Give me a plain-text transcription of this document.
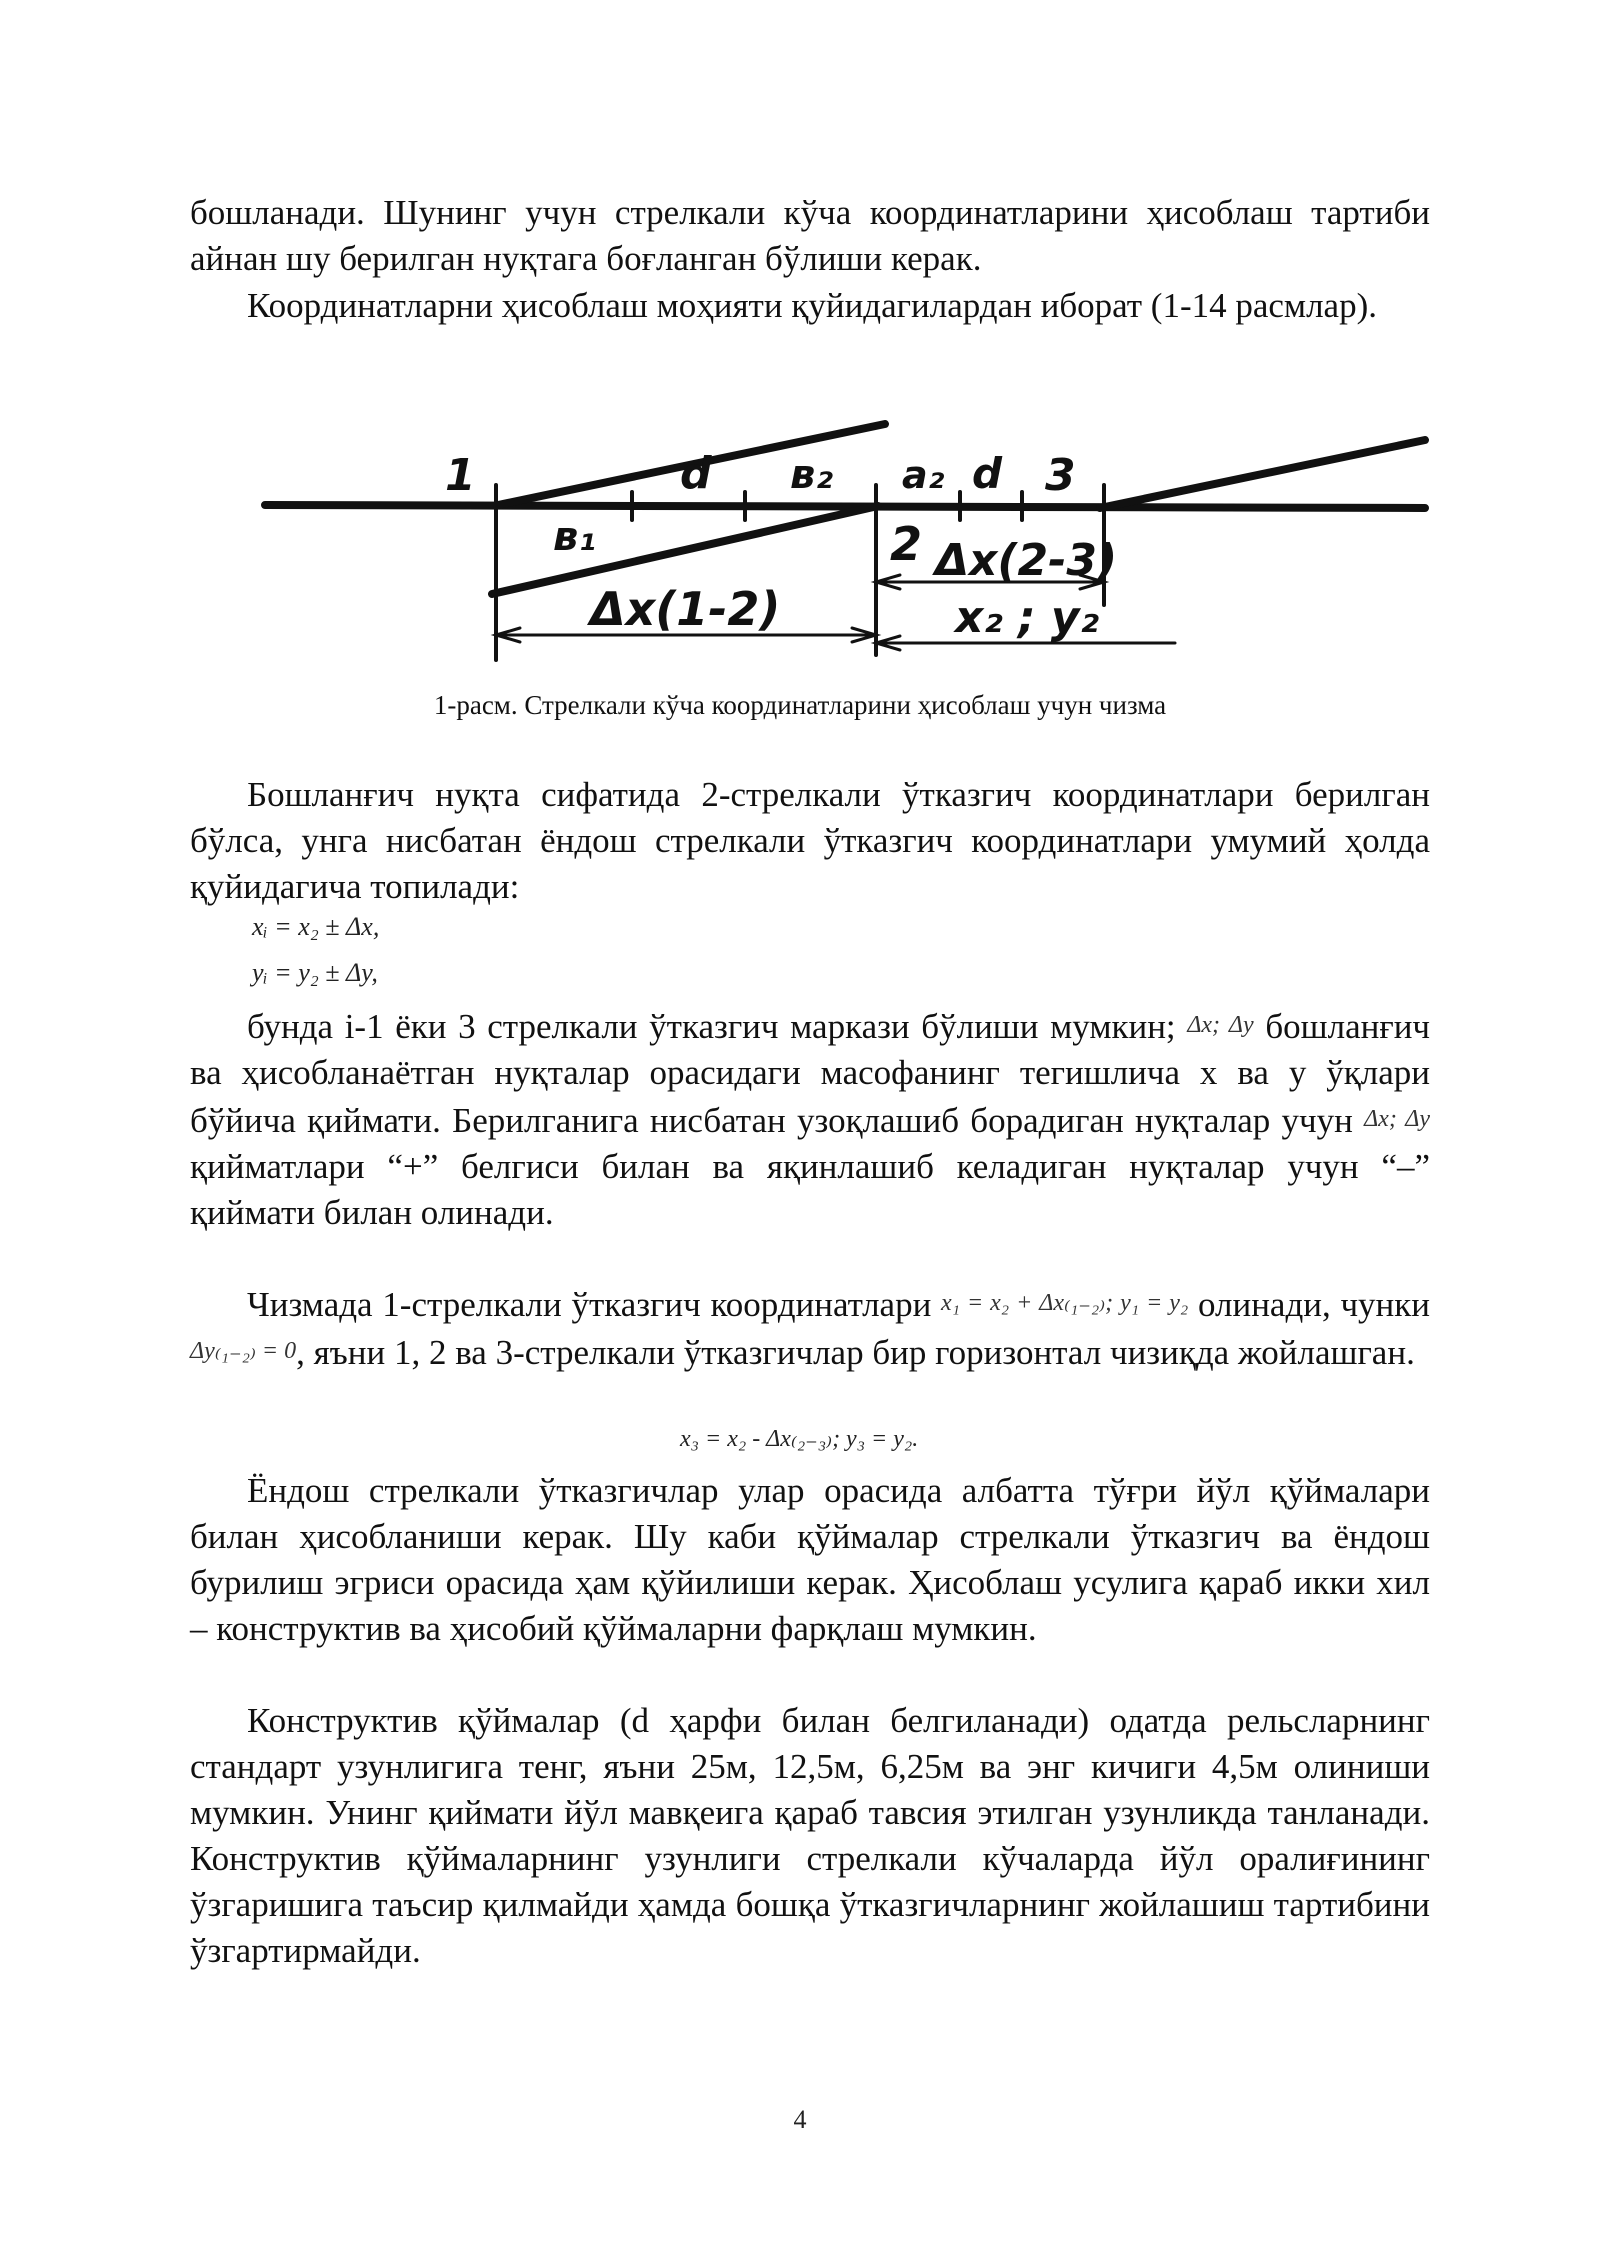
бошланади. Шунинг учун стрелкали кўча координатларини ҳисоблаш тартиби айнан шу берилган нуқтага боғланган бўлиши керак.

Координатларни ҳисоблаш моҳияти қуйидагилардан иборат (1-14 расмлар).

1	d в₂ а₂ d 3
в₁	2 Δx(2-3)
Δx(1-2)	x₂ ; y₂

1-расм. Стрелкали кўча координатларини ҳисоблаш учун чизма

Бошланғич нуқта сифатида 2-стрелкали ўтказгич координатлари берилган бўлса, унга нисбатан ёндош стрелкали ўтказгич координатлари умумий ҳолда қуйидагича топилади:

xᵢ = x₂ ± Δx,
yᵢ = y₂ ± Δy,

бунда i-1 ёки 3 стрелкали ўтказгич маркази бўлиши мумкин; Δx; Δy бошланғич ва ҳисобланаётган нуқталар орасидаги масофанинг тегишлича x ва y ўқлари бўйича қиймати. Берилганига нисбатан узоқлашиб борадиган нуқталар учун Δx; Δy қийматлари “+” белгиси билан ва яқинлашиб келадиган нуқталар учун “–” қиймати билан олинади.

Чизмада 1-стрелкали ўтказгич координатлари x₁ = x₂ + Δx₍₁₋₂₎; y₁ = y₂ олинади, чунки Δy₍₁₋₂₎ = 0, яъни 1, 2 ва 3-стрелкали ўтказгичлар бир горизонтал чизиқда жойлашган.

x₃ = x₂ - Δx₍₂₋₃₎; y₃ = y₂.

Ёндош стрелкали ўтказгичлар улар орасида албатта тўғри йўл қўймалари билан ҳисобланиши керак. Шу каби қўймалар стрелкали ўтказгич ва ёндош бурилиш эгриси орасида ҳам қўйилиши керак. Ҳисоблаш усулига қараб икки хил – конструктив ва ҳисобий қўймаларни фарқлаш мумкин.

Конструктив қўймалар (d ҳарфи билан белгиланади) одатда рельсларнинг стандарт узунлигига тенг, яъни 25м, 12,5м, 6,25м ва энг кичиги 4,5м олиниши мумкин. Унинг қиймати йўл мавқеига қараб тавсия этилган узунликда танланади. Конструктив қўймаларнинг узунлиги стрелкали кўчаларда йўл оралиғининг ўзгаришига таъсир қилмайди ҳамда бошқа ўтказгичларнинг жойлашиш тартибини ўзгартирмайди.

4
